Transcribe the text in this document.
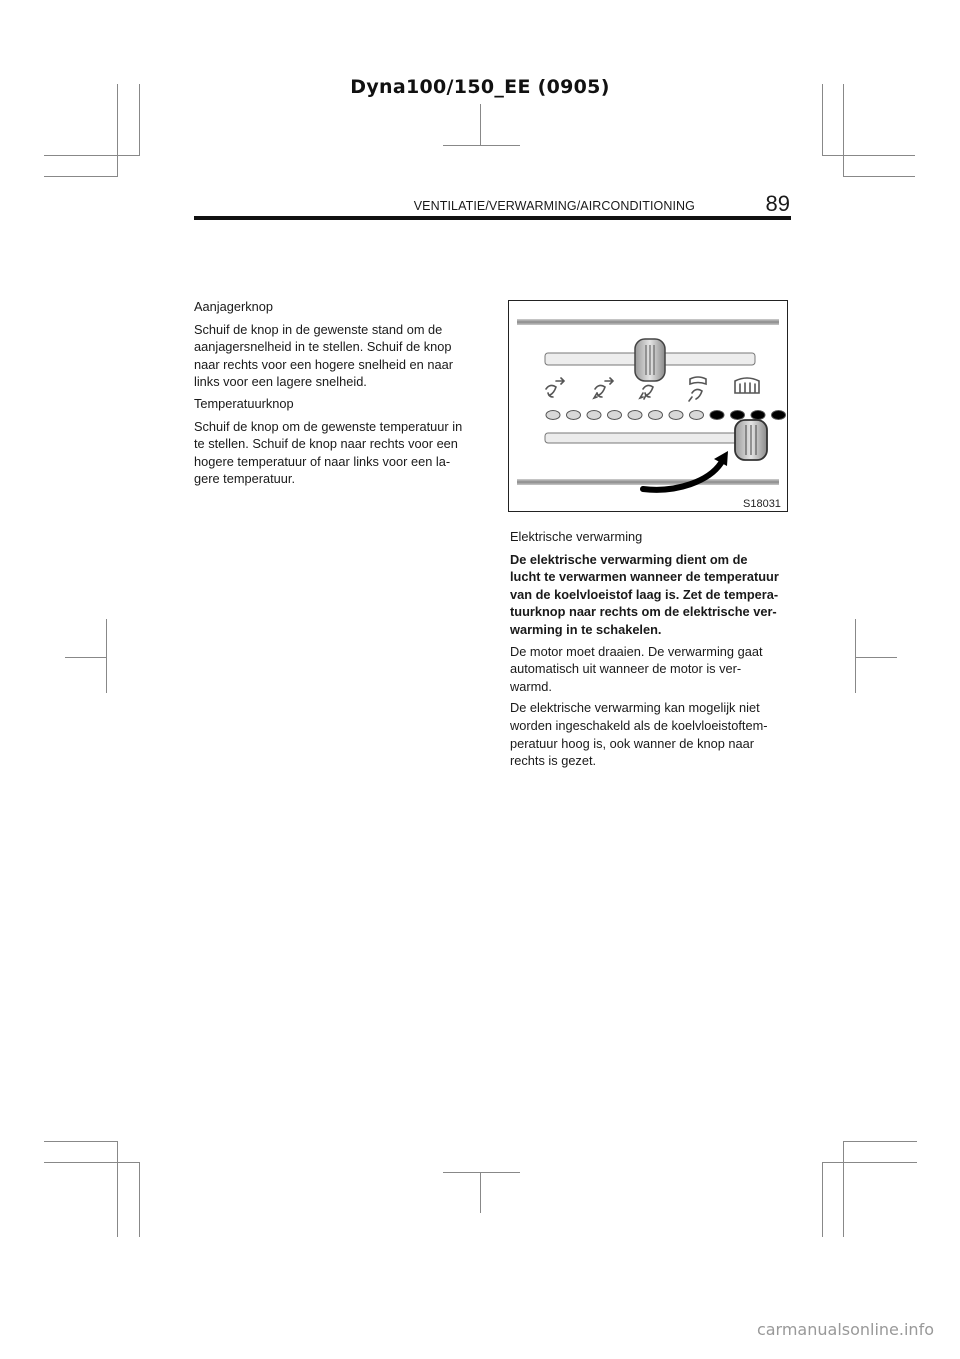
Dyna100/150_EE (0905)
VENTILATIE/VERWARMING/AIRCONDITIONING	89

Aanjagerknop

Schuif de knop in de gewenste stand om de
aanjagersnelheid in te stellen. Schuif de knop
naar rechts voor een hogere snelheid en naar
links voor een lagere snelheid.

Temperatuurknop

Schuif de knop om de gewenste temperatuur in
te stellen. Schuif de knop naar rechts voor een
hogere temperatuur of naar links voor een la-
gere temperatuur.

S18031

Elektrische verwarming

De elektrische verwarming dient om de
lucht te verwarmen wanneer de temperatuur
van de koelvloeistof laag is. Zet de tempera-
tuurknop naar rechts om de elektrische ver-
warming in te schakelen.

De motor moet draaien. De verwarming gaat
automatisch uit wanneer de motor is ver-
warmd.

De elektrische verwarming kan mogelijk niet
worden ingeschakeld als de koelvloeistoftem-
peratuur hoog is, ook wanner de knop naar
rechts is gezet.

carmanualsonline.info
